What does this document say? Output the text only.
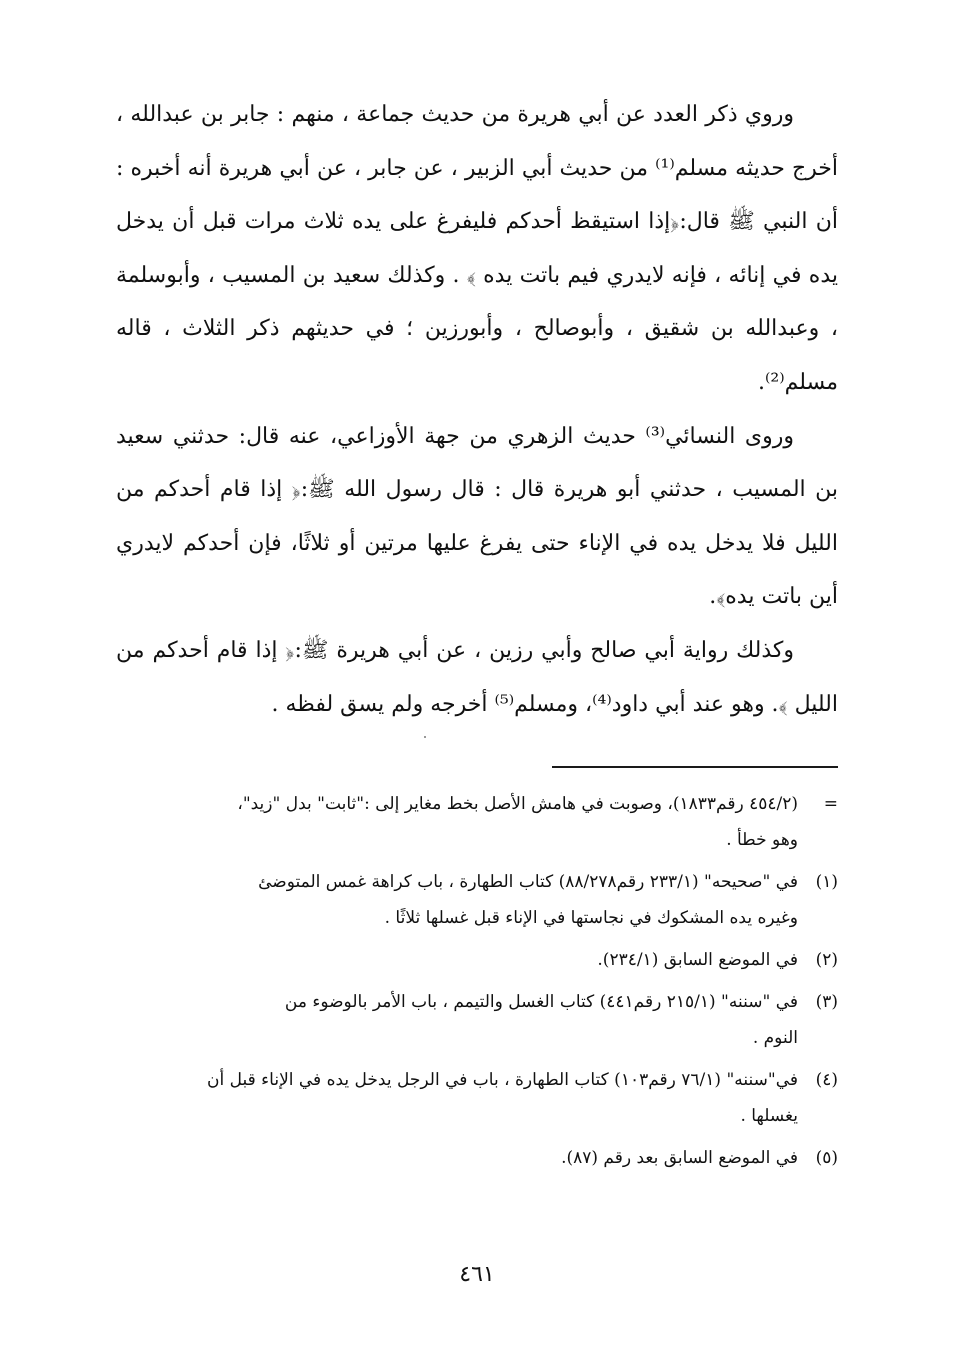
وروي ذكر العدد عن أبي هريرة من حديث جماعة ، منهم : جابر بن عبدالله ، أخرج حديثه مسلم⁽¹⁾ من حديث أبي الزبير ، عن جابر ، عن أبي هريرة أنه أخبره : أن النبي ﷺ قال:﴿إذا استيقظ أحدكم فليفرغ على يده ثلاث مرات قبل أن يدخل يده في إنائه ، فإنه لايدري فيم باتت يده ﴾ . وكذلك سعيد بن المسيب ، وأبوسلمة ، وعبدالله بن شقيق ، وأبوصالح ، وأبورزين ؛ في حديثهم ذكر الثلاث ، قاله مسلم⁽²⁾.

وروى النسائي⁽³⁾ حديث الزهري من جهة الأوزاعي، عنه قال: حدثني سعيد بن المسيب ، حدثني أبو هريرة قال : قال رسول الله ﷺ:﴿ إذا قام أحدكم من الليل فلا يدخل يده في الإناء حتى يفرغ عليها مرتين أو ثلاثًا، فإن أحدكم لايدري أين باتت يده﴾.

وكذلك رواية أبي صالح وأبي رزين ، عن أبي هريرة ﷺ:﴿ إذا قام أحدكم من الليل ﴾. وهو عند أبي داود⁽⁴⁾، ومسلم⁽⁵⁾ أخرجه ولم يسق لفظه .

=
(٤٥٤/٢ رقم١٨٣٣)، وصوبت في هامش الأصل بخط مغاير إلى :"ثابت" بدل "زيد"،
وهو خطأ .
(١)
في "صحيحه" (٢٣٣/١ رقم٨٨/٢٧٨) كتاب الطهارة ، باب كراهة غمس المتوضئ
وغيره يده المشكوك في نجاستها في الإناء قبل غسلها ثلاثًا .
(٢)
في الموضع السابق (٢٣٤/١).
(٣)
في "سننه" (٢١٥/١ رقم٤٤١) كتاب الغسل والتيمم ، باب الأمر بالوضوء من
النوم .
(٤)
في"سننه" (٧٦/١ رقم١٠٣) كتاب الطهارة ، باب في الرجل يدخل يده في الإناء قبل أن
يغسلها .
(٥)
في الموضع السابق بعد رقم (٨٧).
٤٦١
